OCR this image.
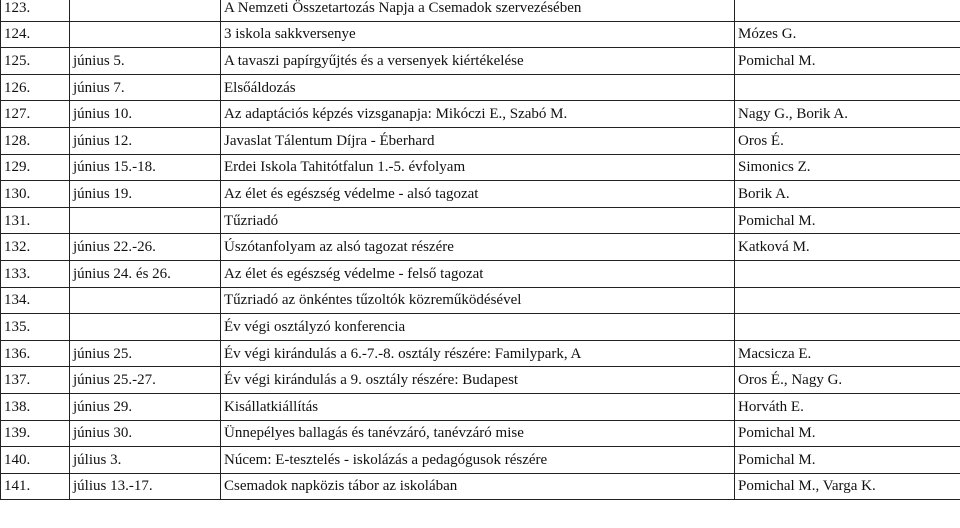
123.		A Nemzeti Összetartozás Napja a Csemadok szervezésében	
124.		3 iskola sakkversenye	Mózes G.
125.	június 5.	A tavaszi papírgyűjtés és a versenyek kiértékelése	Pomichal M.
126.	június 7.	Elsőáldozás	
127.	június 10.	Az adaptációs képzés vizsganapja: Mikóczi E., Szabó M.	Nagy G., Borik A.
128.	június 12.	Javaslat Tálentum Díjra - Éberhard	Oros É.
129.	június 15.-18.	Erdei Iskola Tahitótfalun 1.-5. évfolyam	Simonics Z.
130.	június 19.	Az élet és egészség védelme - alsó tagozat	Borik A.
131.		Tűzriadó	Pomichal M.
132.	június 22.-26.	Úszótanfolyam az alsó tagozat részére	Katková M.
133.	június 24. és 26.	Az élet és egészség védelme - felső tagozat	
134.		Tűzriadó az önkéntes tűzoltók közreműködésével	
135.		Év végi osztályzó konferencia	
136.	június 25.	Év végi kirándulás a 6.-7.-8. osztály részére: Familypark, A	Macsicza E.
137.	június 25.-27.	Év végi kirándulás a 9. osztály részére: Budapest	Oros É., Nagy G.
138.	június 29.	Kisállatkiállítás	Horváth E.
139.	június 30.	Ünnepélyes ballagás és tanévzáró, tanévzáró mise	Pomichal M.
140.	július 3.	Núcem: E-tesztelés - iskolázás a pedagógusok részére	Pomichal M.
141.	július 13.-17.	Csemadok napközis tábor az iskolában	Pomichal M., Varga K.
